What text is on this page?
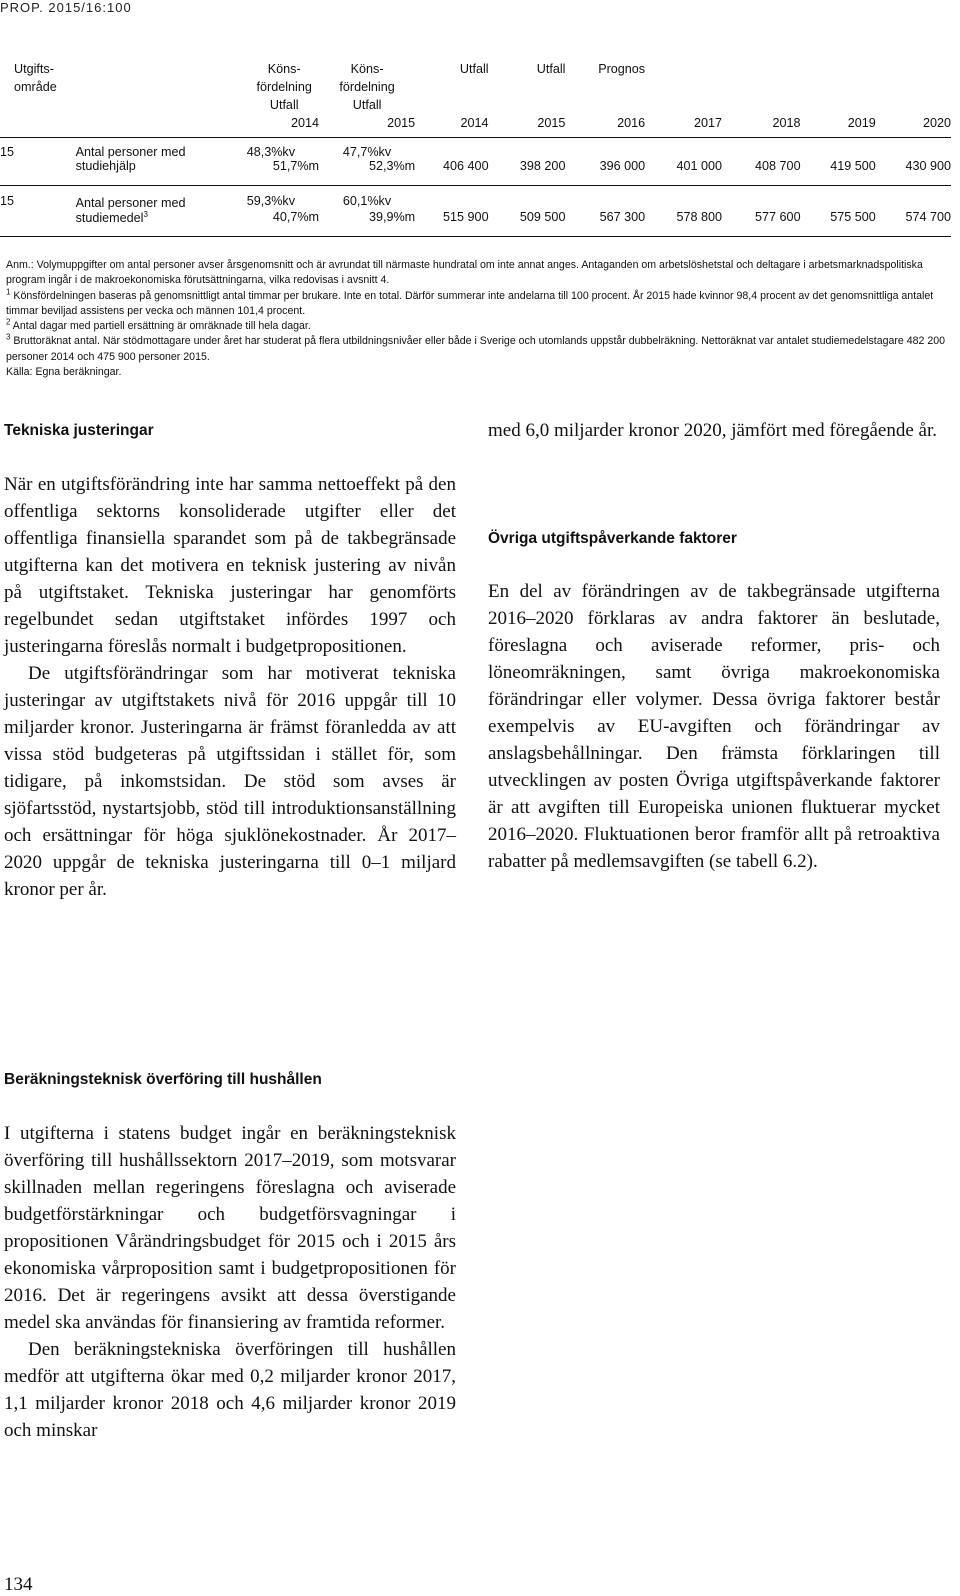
PROP. 2015/16:100
Utgifts-		Köns-	Köns-	Utfall	Utfall	Prognos				
område		fördelning	fördelning							
		Utfall	Utfall							
		2014	2015	2014	2015	2016	2017	2018	2019	2020
15	Antal personer med	48,3%kv	47,7%kv							
	studiehjälp	51,7%m	52,3%m	406 400	398 200	396 000	401 000	408 700	419 500	430 900
15	Antal personer med	59,3%kv	60,1%kv							
	studiemedel$^3$	40,7%m	39,9%m	515 900	509 500	567 300	578 800	577 600	575 500	574 700

Anm.: Volymuppgifter om antal personer avser årsgenomsnitt och är avrundat till närmaste hundratal om inte annat anges. Antaganden om arbetslöshetstal och deltagare i arbetsmarknadspolitiska program ingår i de makroekonomiska förutsättningarna, vilka redovisas i avsnitt 4.

$^1$ Könsfördelningen baseras på genomsnittligt antal timmar per brukare. Inte en total. Därför summerar inte andelarna till 100 procent. År 2015 hade kvinnor 98,4 procent av det genomsnittliga antalet timmar beviljad assistens per vecka och männen 101,4 procent.

$^2$ Antal dagar med partiell ersättning är omräknade till hela dagar.

$^3$ Bruttoräknat antal. När stödmottagare under året har studerat på flera utbildningsnivåer eller både i Sverige och utomlands uppstår dubbelräkning. Nettoräknat var antalet studiemedelstagare 482 200 personer 2014 och 475 900 personer 2015.

Källa: Egna beräkningar.

Tekniska justeringar

När en utgiftsförändring inte har samma nettoeffekt på den offentliga sektorns konsoliderade utgifter eller det offentliga finansiella sparandet som på de takbegränsade utgifterna kan det motivera en teknisk justering av nivån på utgiftstaket. Tekniska justeringar har genomförts regelbundet sedan utgiftstaket infördes 1997 och justeringarna föreslås normalt i budgetpropositionen.

De utgiftsförändringar som har motiverat tekniska justeringar av utgiftstakets nivå för 2016 uppgår till 10 miljarder kronor. Justeringarna är främst föranledda av att vissa stöd budgeteras på utgiftssidan i stället för, som tidigare, på inkomstsidan. De stöd som avses är sjöfartsstöd, nystartsjobb, stöd till introduktionsanställning och ersättningar för höga sjuklönekostnader. År 2017–2020 uppgår de tekniska justeringarna till 0–1 miljard kronor per år.

med 6,0 miljarder kronor 2020, jämfört med föregående år.

Övriga utgiftspåverkande faktorer

En del av förändringen av de takbegränsade utgifterna 2016–2020 förklaras av andra faktorer än beslutade, föreslagna och aviserade reformer, pris- och löneomräkningen, samt övriga makroekonomiska förändringar eller volymer. Dessa övriga faktorer består exempelvis av EU-avgiften och förändringar av anslagsbehållningar. Den främsta förklaringen till utvecklingen av posten Övriga utgiftspåverkande faktorer är att avgiften till Europeiska unionen fluktuerar mycket 2016–2020. Fluktuationen beror framför allt på retroaktiva rabatter på medlemsavgiften (se tabell 6.2).

Beräkningsteknisk överföring till hushållen

I utgifterna i statens budget ingår en beräkningsteknisk överföring till hushållssektorn 2017–2019, som motsvarar skillnaden mellan regeringens föreslagna och aviserade budgetförstärkningar och budgetförsvagningar i propositionen Vårändringsbudget för 2015 och i 2015 års ekonomiska vårproposition samt i budgetpropositionen för 2016. Det är regeringens avsikt att dessa överstigande medel ska användas för finansiering av framtida reformer.

Den beräkningstekniska överföringen till hushållen medför att utgifterna ökar med 0,2 miljarder kronor 2017, 1,1 miljarder kronor 2018 och 4,6 miljarder kronor 2019 och minskar

134
